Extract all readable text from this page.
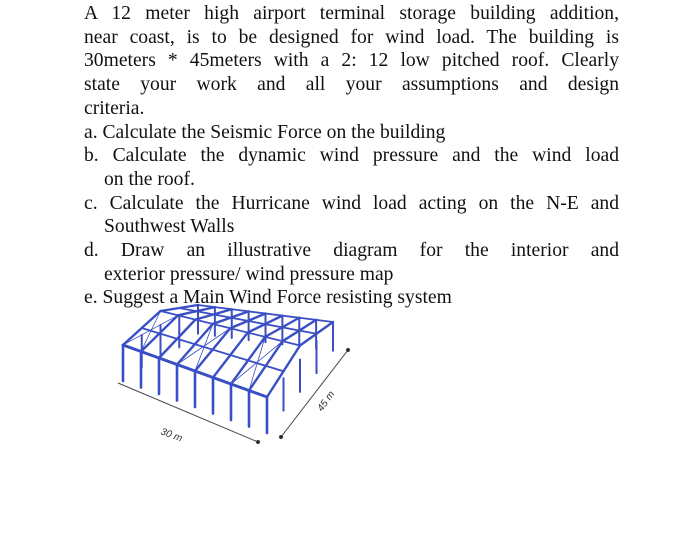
A 12 meter high airport terminal storage building addition,
near coast, is to be designed for wind load. The building is
30meters * 45meters with a 2: 12 low pitched roof. Clearly
state your work and all your assumptions and design
criteria.
a. Calculate the Seismic Force on the building
b. Calculate the dynamic wind pressure and the wind load
on the roof.
c. Calculate the Hurricane wind load acting on the N-E and
Southwest Walls
d. Draw an illustrative diagram for the interior and
exterior pressure/ wind pressure map
e. Suggest a Main Wind Force resisting system
30 m
45 m
